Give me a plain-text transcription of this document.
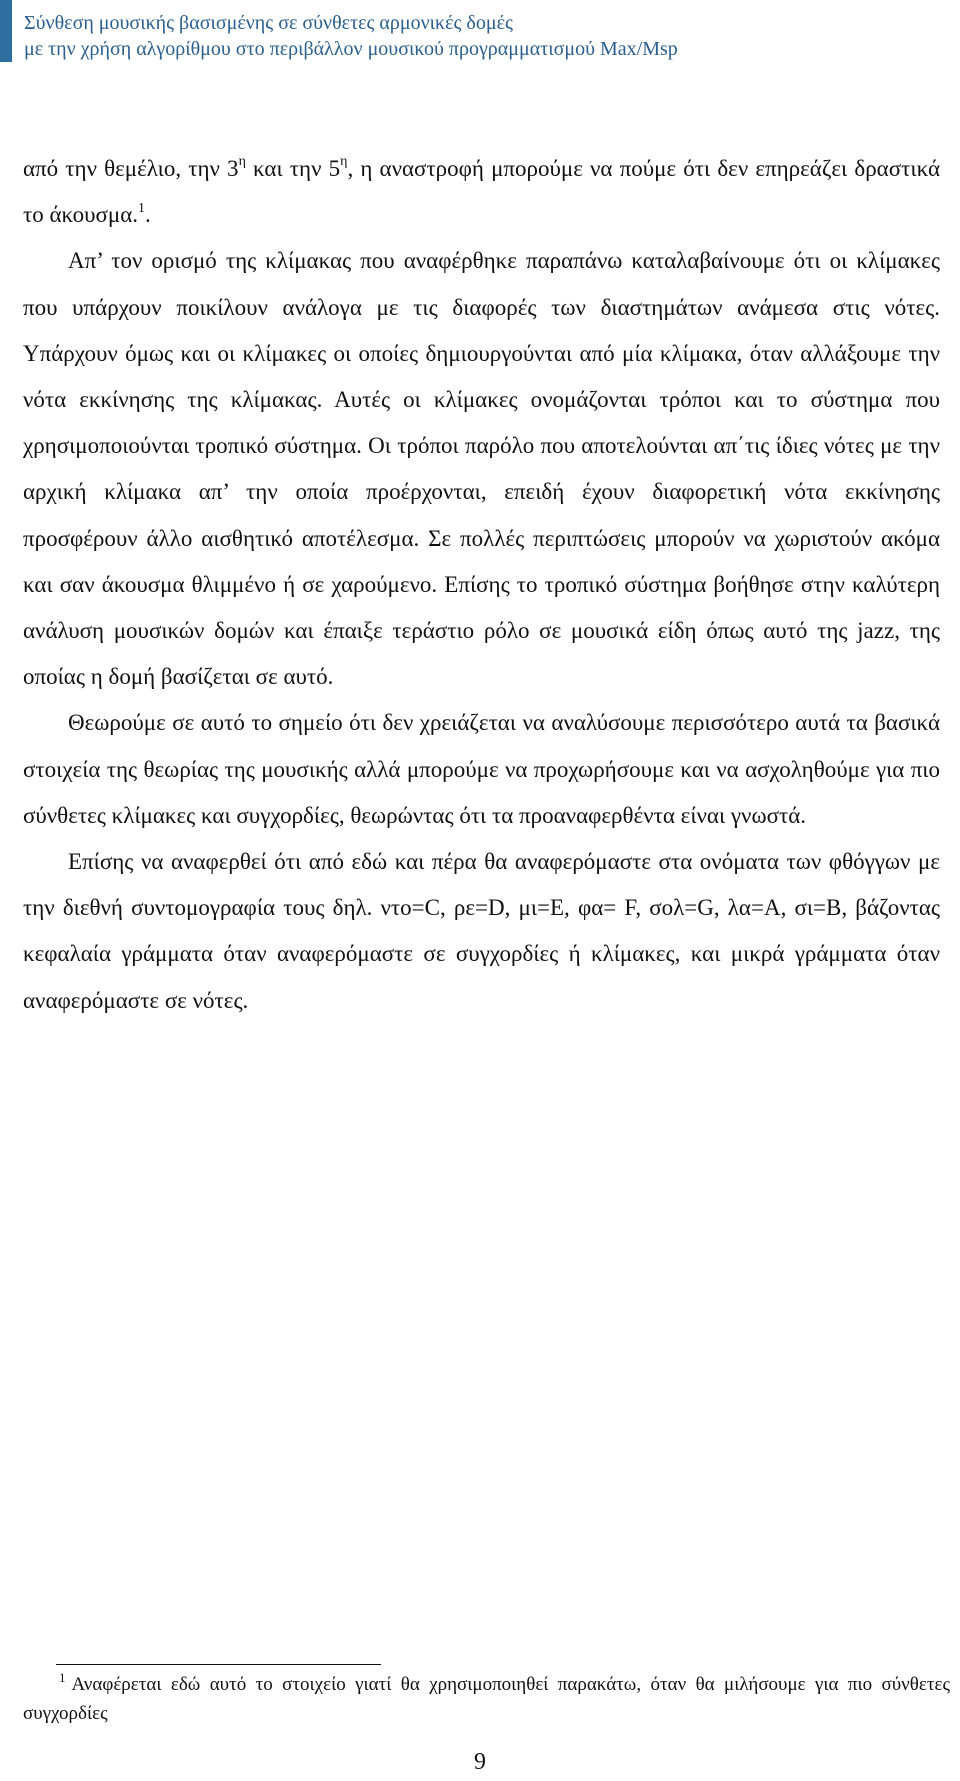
Σύνθεση μουσικής βασισμένης σε σύνθετες αρμονικές δομές
με την χρήση αλγορίθμου στο περιβάλλον μουσικού προγραμματισμού Max/Msp

από την θεμέλιο, την $3^\eta$ και την $5^\eta$, η αναστροφή μπορούμε να πούμε ότι δεν επηρεάζει δραστικά το άκουσμα.$^1$.

Απ’ τον ορισμό της κλίμακας που αναφέρθηκε παραπάνω καταλαβαίνουμε ότι οι κλίμακες που υπάρχουν ποικίλουν ανάλογα με τις διαφορές των διαστημάτων ανάμεσα στις νότες. Υπάρχουν όμως και οι κλίμακες οι οποίες δημιουργούνται από μία κλίμακα, όταν αλλάξουμε την νότα εκκίνησης της κλίμακας. Αυτές οι κλίμακες ονομάζονται τρόποι και το σύστημα που χρησιμοποιούνται τροπικό σύστημα. Οι τρόποι παρόλο που αποτελούνται απ΄τις ίδιες νότες με την αρχική κλίμακα απ’ την οποία προέρχονται, επειδή έχουν διαφορετική νότα εκκίνησης προσφέρουν άλλο αισθητικό αποτέλεσμα. Σε πολλές περιπτώσεις μπορούν να χωριστούν ακόμα και σαν άκουσμα θλιμμένο ή σε χαρούμενο. Επίσης το τροπικό σύστημα βοήθησε στην καλύτερη ανάλυση μουσικών δομών και έπαιξε τεράστιο ρόλο σε μουσικά είδη όπως αυτό της jazz, της οποίας η δομή βασίζεται σε αυτό.

Θεωρούμε σε αυτό το σημείο ότι δεν χρειάζεται να αναλύσουμε περισσότερο αυτά τα βασικά στοιχεία της θεωρίας της μουσικής αλλά μπορούμε να προχωρήσουμε και να ασχοληθούμε για πιο σύνθετες κλίμακες και συγχορδίες, θεωρώντας ότι τα προαναφερθέντα είναι γνωστά.

Επίσης να αναφερθεί ότι από εδώ και πέρα θα αναφερόμαστε στα ονόματα των φθόγγων με την διεθνή συντομογραφία τους δηλ. ντο=C, ρε=D, μι=E, φα= F, σολ=G, λα=A, σι=B, βάζοντας κεφαλαία γράμματα όταν αναφερόμαστε σε συγχορδίες ή κλίμακες, και μικρά γράμματα όταν αναφερόμαστε σε νότες.

$^1$ Αναφέρεται εδώ αυτό το στοιχείο γιατί θα χρησιμοποιηθεί παρακάτω, όταν θα μιλήσουμε για πιο σύνθετες συγχορδίες
9
